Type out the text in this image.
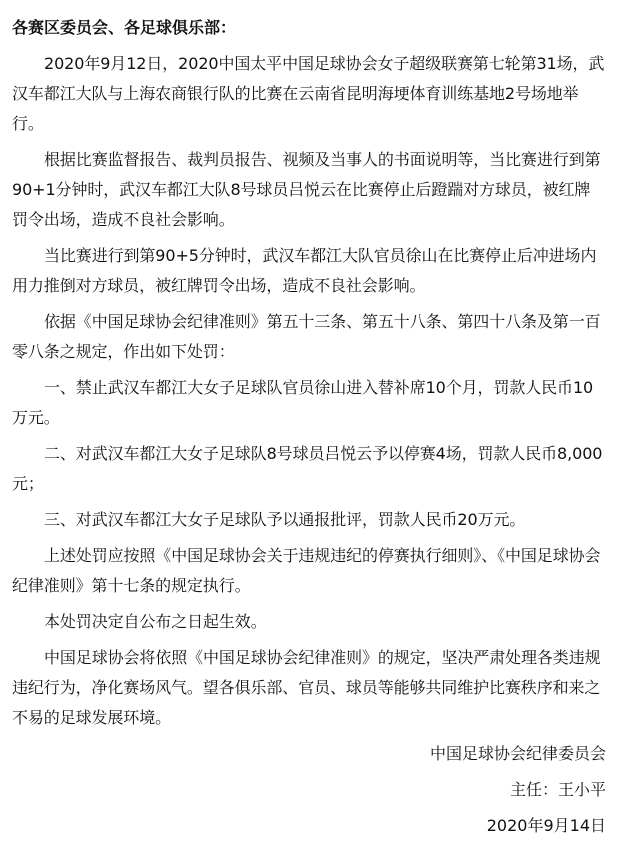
各赛区委员会、各足球俱乐部：

2020年9月12日，2020中国太平中国足球协会女子超级联赛第七轮第31场，武汉车都江大队与上海农商银行队的比赛在云南省昆明海埂体育训练基地2号场地举行。

根据比赛监督报告、裁判员报告、视频及当事人的书面说明等，当比赛进行到第90+1分钟时，武汉车都江大队8号球员吕悦云在比赛停止后蹬踹对方球员，被红牌罚令出场，造成不良社会影响。

当比赛进行到第90+5分钟时，武汉车都江大队官员徐山在比赛停止后冲进场内用力推倒对方球员，被红牌罚令出场，造成不良社会影响。

依据《中国足球协会纪律准则》第五十三条、第五十八条、第四十八条及第一百零八条之规定，作出如下处罚：

一、禁止武汉车都江大女子足球队官员徐山进入替补席10个月，罚款人民币10万元。

二、对武汉车都江大女子足球队8号球员吕悦云予以停赛4场，罚款人民币8,000元；

三、对武汉车都江大女子足球队予以通报批评，罚款人民币20万元。

上述处罚应按照《中国足球协会关于违规违纪的停赛执行细则》、《中国足球协会纪律准则》第十七条的规定执行。

本处罚决定自公布之日起生效。

中国足球协会将依照《中国足球协会纪律准则》的规定，坚决严肃处理各类违规违纪行为，净化赛场风气。望各俱乐部、官员、球员等能够共同维护比赛秩序和来之不易的足球发展环境。

中国足球协会纪律委员会

主任：王小平

2020年9月14日
